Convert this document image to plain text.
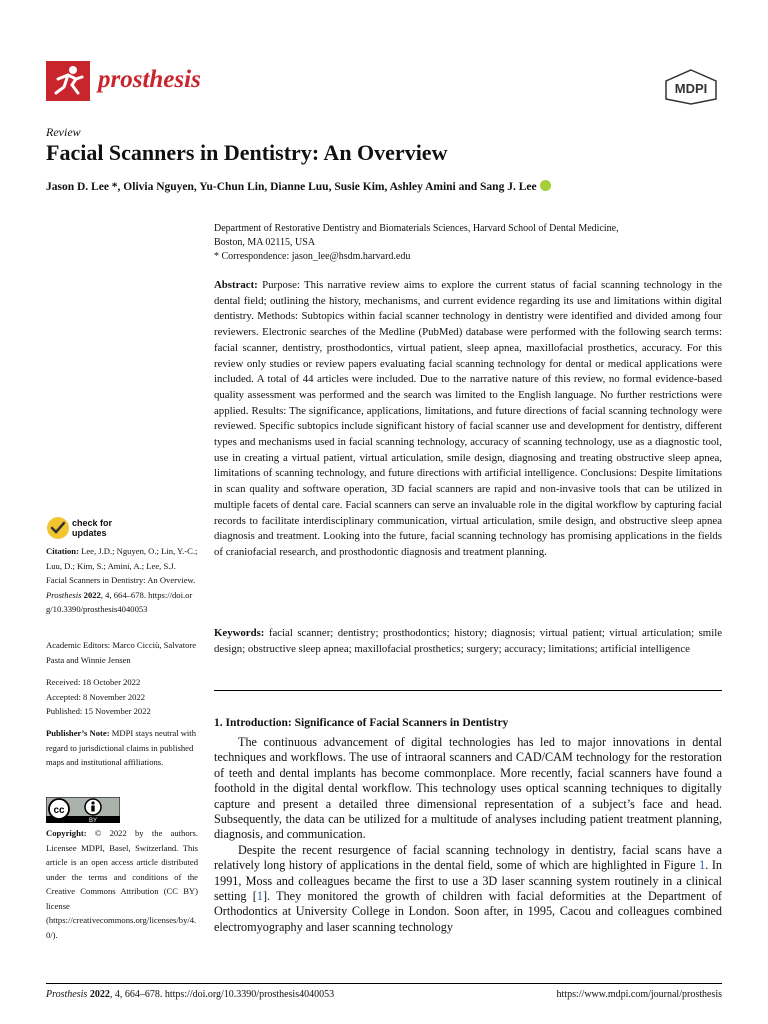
prosthesis	MDPI
Review
Facial Scanners in Dentistry: An Overview
Jason D. Lee *, Olivia Nguyen, Yu-Chun Lin, Dianne Luu, Susie Kim, Ashley Amini and Sang J. Lee
Department of Restorative Dentistry and Biomaterials Sciences, Harvard School of Dental Medicine,
Boston, MA 02115, USA
* Correspondence: jason_lee@hsdm.harvard.edu
Abstract: Purpose: This narrative review aims to explore the current status of facial scanning technology in the dental field; outlining the history, mechanisms, and current evidence regarding its use and limitations within digital dentistry. Methods: Subtopics within facial scanner technology in dentistry were identified and divided among four reviewers. Electronic searches of the Medline (PubMed) database were performed with the following search terms: facial scanner, dentistry, prosthodontics, virtual patient, sleep apnea, maxillofacial prosthetics, accuracy. For this review only studies or review papers evaluating facial scanning technology for dental or medical applications were included. A total of 44 articles were included. Due to the narrative nature of this review, no formal evidence-based quality assessment was performed and the search was limited to the English language. No further restrictions were applied. Results: The significance, applications, limitations, and future directions of facial scanning technology were reviewed. Specific subtopics include significant history of facial scanner use and development for dentistry, different types and mechanisms used in facial scanning technology, accuracy of scanning technology, use as a diagnostic tool, use in creating a virtual patient, virtual articulation, smile design, diagnosing and treating obstructive sleep apnea, limitations of scanning technology, and future directions with artificial intelligence. Conclusions: Despite limitations in scan quality and software operation, 3D facial scanners are rapid and non-invasive tools that can be utilized in multiple facets of dental care. Facial scanners can serve an invaluable role in the digital workflow by capturing facial records to facilitate interdisciplinary communication, virtual articulation, smile design, and obstructive sleep apnea diagnosis and treatment. Looking into the future, facial scanning technology has promising applications in the fields of craniofacial research, and prosthodontic diagnosis and treatment planning.
Keywords: facial scanner; dentistry; prosthodontics; history; diagnosis; virtual patient; virtual articulation; smile design; obstructive sleep apnea; maxillofacial prosthetics; surgery; accuracy; limitations; artificial intelligence
1. Introduction: Significance of Facial Scanners in Dentistry

The continuous advancement of digital technologies has led to major innovations in dental techniques and workflows. The use of intraoral scanners and CAD/CAM technology for the restoration of teeth and dental implants has become commonplace. More recently, facial scanners have found a foothold in the digital dental workflow. This technology uses optical scanning techniques to digitally capture and present a detailed three dimensional representation of a subject’s face and head. Subsequently, the data can be utilized for a multitude of analyses including patient treatment planning, diagnosis, and communication.

Despite the recent resurgence of facial scanning technology in dentistry, facial scans have a relatively long history of applications in the dental field, some of which are highlighted in Figure 1. In 1991, Moss and colleagues became the first to use a 3D laser scanning system routinely in a clinical setting [1]. They monitored the growth of children with facial deformities at the Department of Orthodontics at University College in London. Soon after, in 1995, Cacou and colleagues combined electromyography and laser scanning technology

check for
updates
Citation: Lee, J.D.; Nguyen, O.; Lin, Y.-C.; Luu, D.; Kim, S.; Amini, A.; Lee, S.J. Facial Scanners in Dentistry: An Overview. Prosthesis 2022, 4, 664–678. https://doi.org/10.3390/prosthesis4040053
Academic Editors: Marco Cicciù, Salvatore Pasta and Winnie Jensen
Received: 18 October 2022
Accepted: 8 November 2022
Published: 15 November 2022
Publisher’s Note: MDPI stays neutral with regard to jurisdictional claims in published maps and institutional affiliations.
cc
BY
Copyright: © 2022 by the authors. Licensee MDPI, Basel, Switzerland. This article is an open access article distributed under the terms and conditions of the Creative Commons Attribution (CC BY) license (https://creativecommons.org/licenses/by/4.0/).
Prosthesis 2022, 4, 664–678. https://doi.org/10.3390/prosthesis4040053	https://www.mdpi.com/journal/prosthesis
